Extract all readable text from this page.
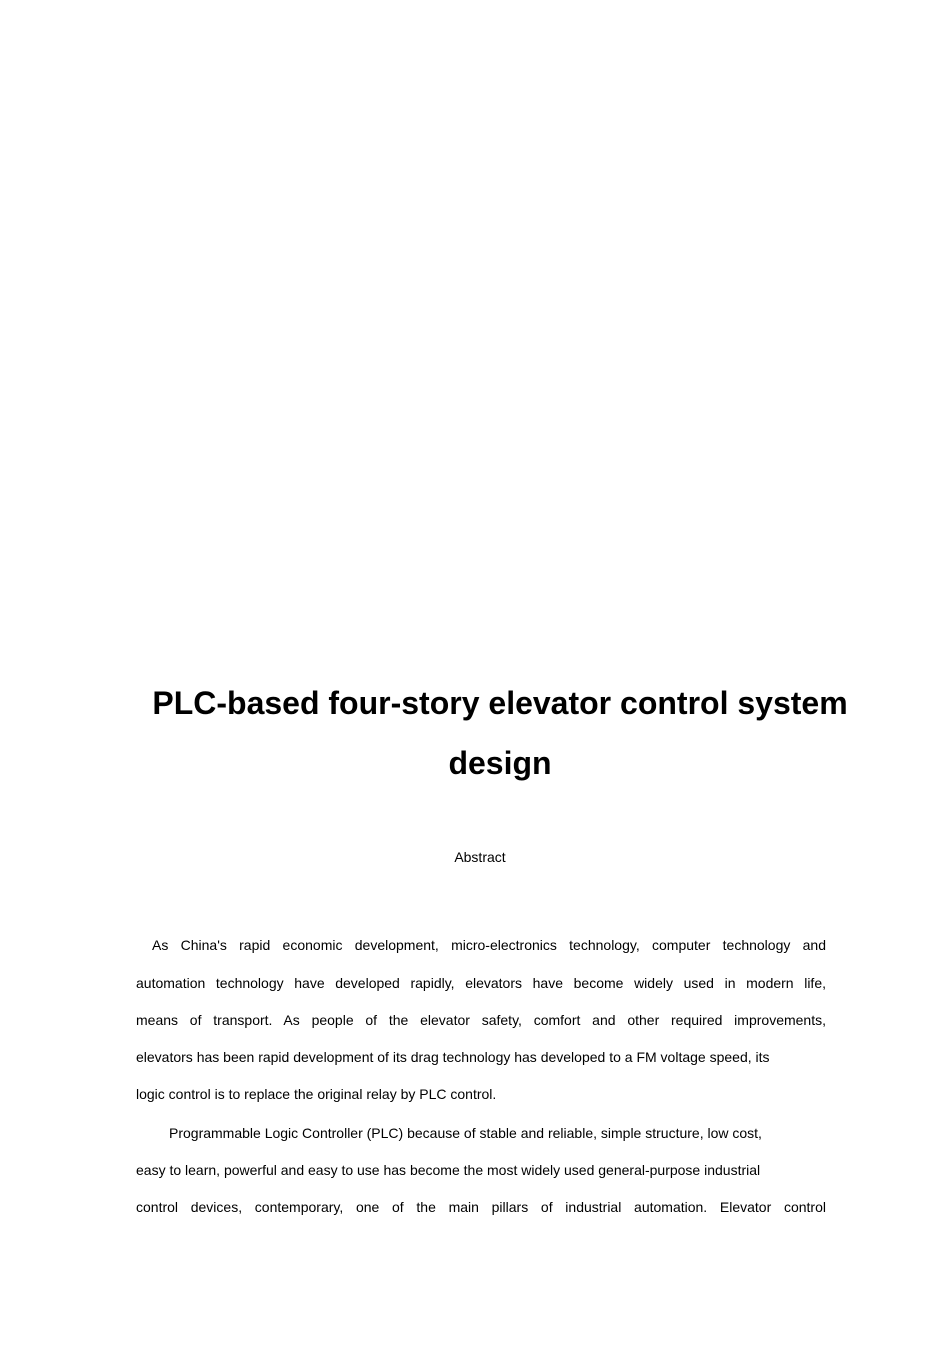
PLC-based four-story elevator control system
design

Abstract

As China's rapid economic development, micro-electronics technology, computer technology and

automation technology have developed rapidly, elevators have become widely used in modern life,

means of transport. As people of the elevator safety, comfort and other required improvements,

elevators has been rapid development of its drag technology has developed to a FM voltage speed, its

logic control is to replace the original relay by PLC control.

Programmable Logic Controller (PLC) because of stable and reliable, simple structure, low cost,

easy to learn, powerful and easy to use has become the most widely used general-purpose industrial

control devices, contemporary, one of the main pillars of industrial automation. Elevator control
